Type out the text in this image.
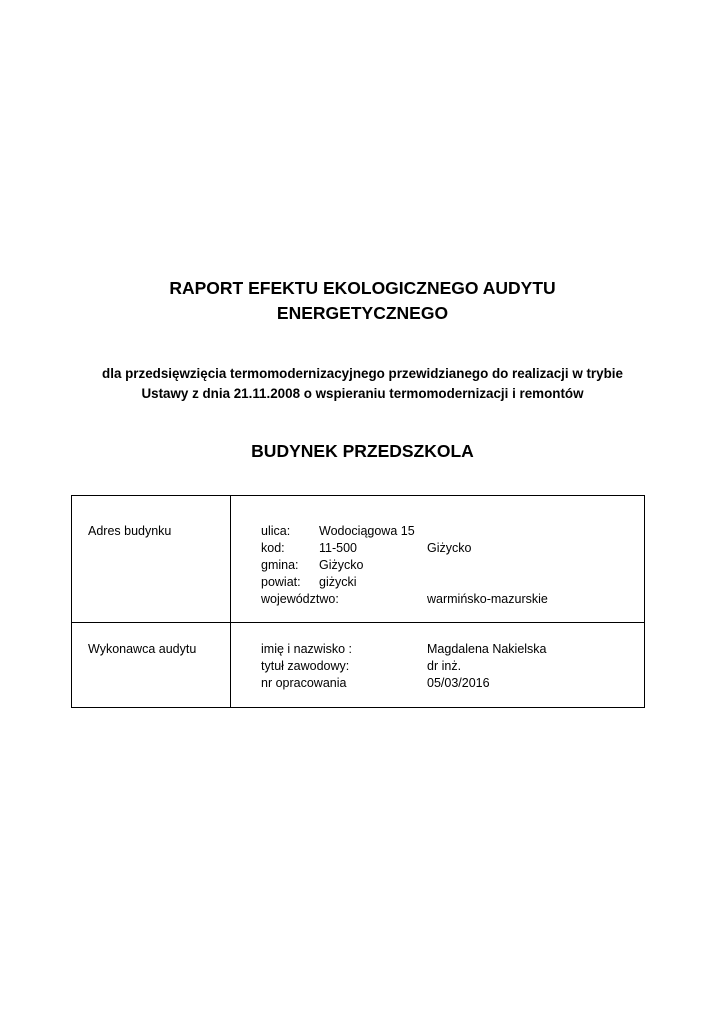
RAPORT EFEKTU EKOLOGICZNEGO AUDYTU
ENERGETYCZNEGO
dla przedsięwzięcia termomodernizacyjnego przewidzianego do realizacji w trybie
Ustawy z dnia 21.11.2008 o wspieraniu termomodernizacji i remontów
BUDYNEK PRZEDSZKOLA
Adres budynku	ulica: Wodociągowa 15
kod:	11-500	Giżycko
gmina: Giżycko
powiat: giżycki
województwo:	warmińsko-mazurskie
Wykonawca audytu	imię i nazwisko :	Magdalena Nakielska
tytuł zawodowy:	dr inż.
nr opracowania	05/03/2016
